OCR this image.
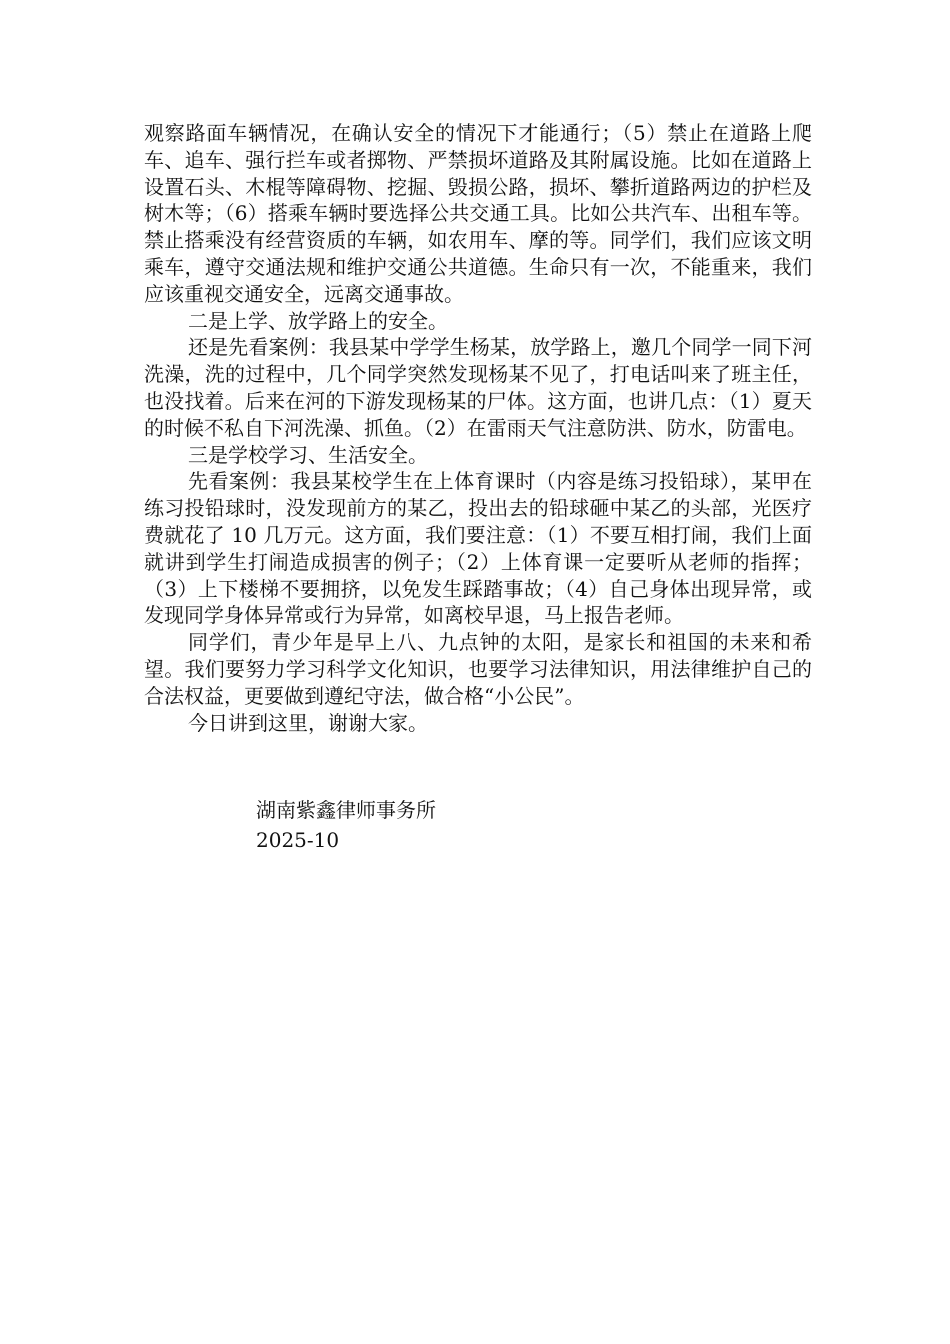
观察路面车辆情况，在确认安全的情况下才能通行；（5）禁止在道路上爬车、追车、强行拦车或者掷物、严禁损坏道路及其附属设施。比如在道路上设置石头、木棍等障碍物、挖掘、毁损公路，损坏、攀折道路两边的护栏及树木等；（6）搭乘车辆时要选择公共交通工具。比如公共汽车、出租车等。禁止搭乘没有经营资质的车辆，如农用车、摩的等。同学们，我们应该文明乘车，遵守交通法规和维护交通公共道德。生命只有一次，不能重来，我们应该重视交通安全，远离交通事故。

二是上学、放学路上的安全。

还是先看案例：我县某中学学生杨某，放学路上，邀几个同学一同下河洗澡，洗的过程中，几个同学突然发现杨某不见了，打电话叫来了班主任，也没找着。后来在河的下游发现杨某的尸体。这方面，也讲几点：（1）夏天的时候不私自下河洗澡、抓鱼。（2）在雷雨天气注意防洪、防水，防雷电。

三是学校学习、生活安全。

先看案例：我县某校学生在上体育课时（内容是练习投铅球），某甲在练习投铅球时，没发现前方的某乙，投出去的铅球砸中某乙的头部，光医疗费就花了 10 几万元。这方面，我们要注意：（1）不要互相打闹，我们上面就讲到学生打闹造成损害的例子；（2）上体育课一定要听从老师的指挥；（3）上下楼梯不要拥挤，以免发生踩踏事故；（4）自己身体出现异常，或发现同学身体异常或行为异常，如离校早退，马上报告老师。

同学们，青少年是早上八、九点钟的太阳，是家长和祖国的未来和希望。我们要努力学习科学文化知识，也要学习法律知识，用法律维护自己的合法权益，更要做到遵纪守法，做合格“小公民”。

今日讲到这里，谢谢大家。

湖南紫鑫律师事务所
2025-10
